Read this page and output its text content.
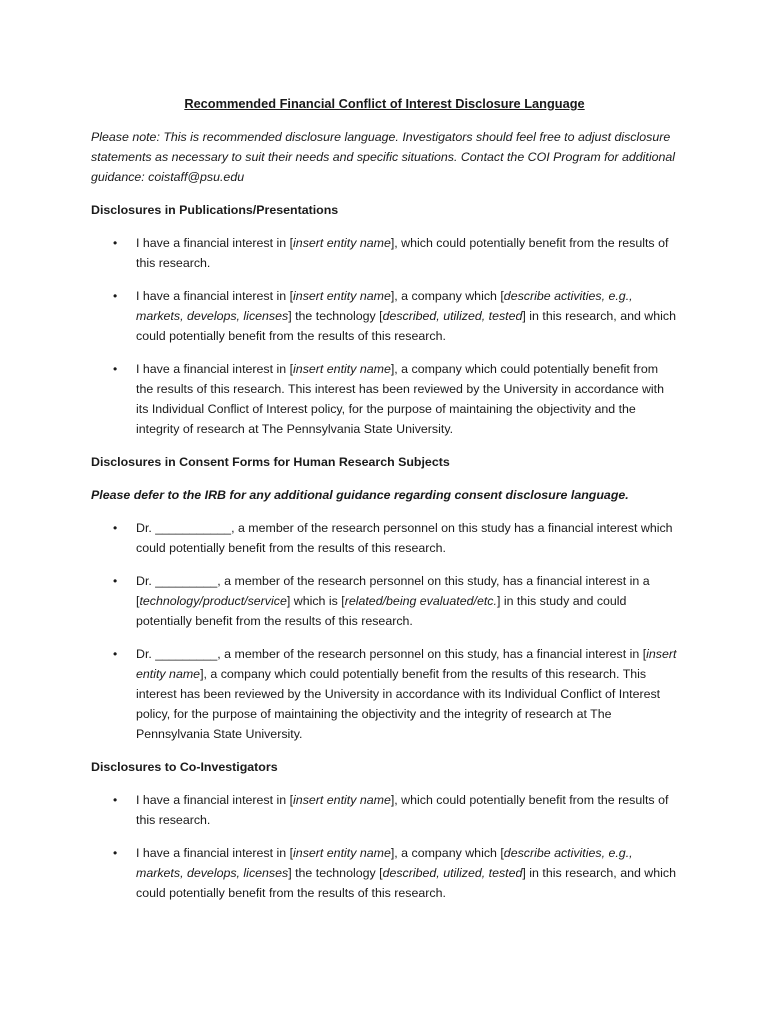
Recommended Financial Conflict of Interest Disclosure Language
Please note: This is recommended disclosure language. Investigators should feel free to adjust disclosure statements as necessary to suit their needs and specific situations. Contact the COI Program for additional guidance: coistaff@psu.edu
Disclosures in Publications/Presentations
• I have a financial interest in [insert entity name], which could potentially benefit from the results of this research.
• I have a financial interest in [insert entity name], a company which [describe activities, e.g., markets, develops, licenses] the technology [described, utilized, tested] in this research, and which could potentially benefit from the results of this research.
• I have a financial interest in [insert entity name], a company which could potentially benefit from the results of this research. This interest has been reviewed by the University in accordance with its Individual Conflict of Interest policy, for the purpose of maintaining the objectivity and the integrity of research at The Pennsylvania State University.
Disclosures in Consent Forms for Human Research Subjects
Please defer to the IRB for any additional guidance regarding consent disclosure language.
• Dr. ___________, a member of the research personnel on this study has a financial interest which could potentially benefit from the results of this research.
• Dr. _________, a member of the research personnel on this study, has a financial interest in a [technology/product/service] which is [related/being evaluated/etc.] in this study and could potentially benefit from the results of this research.
• Dr. _________, a member of the research personnel on this study, has a financial interest in [insert entity name], a company which could potentially benefit from the results of this research. This interest has been reviewed by the University in accordance with its Individual Conflict of Interest policy, for the purpose of maintaining the objectivity and the integrity of research at The Pennsylvania State University.
Disclosures to Co-Investigators
• I have a financial interest in [insert entity name], which could potentially benefit from the results of this research.
• I have a financial interest in [insert entity name], a company which [describe activities, e.g., markets, develops, licenses] the technology [described, utilized, tested] in this research, and which could potentially benefit from the results of this research.
